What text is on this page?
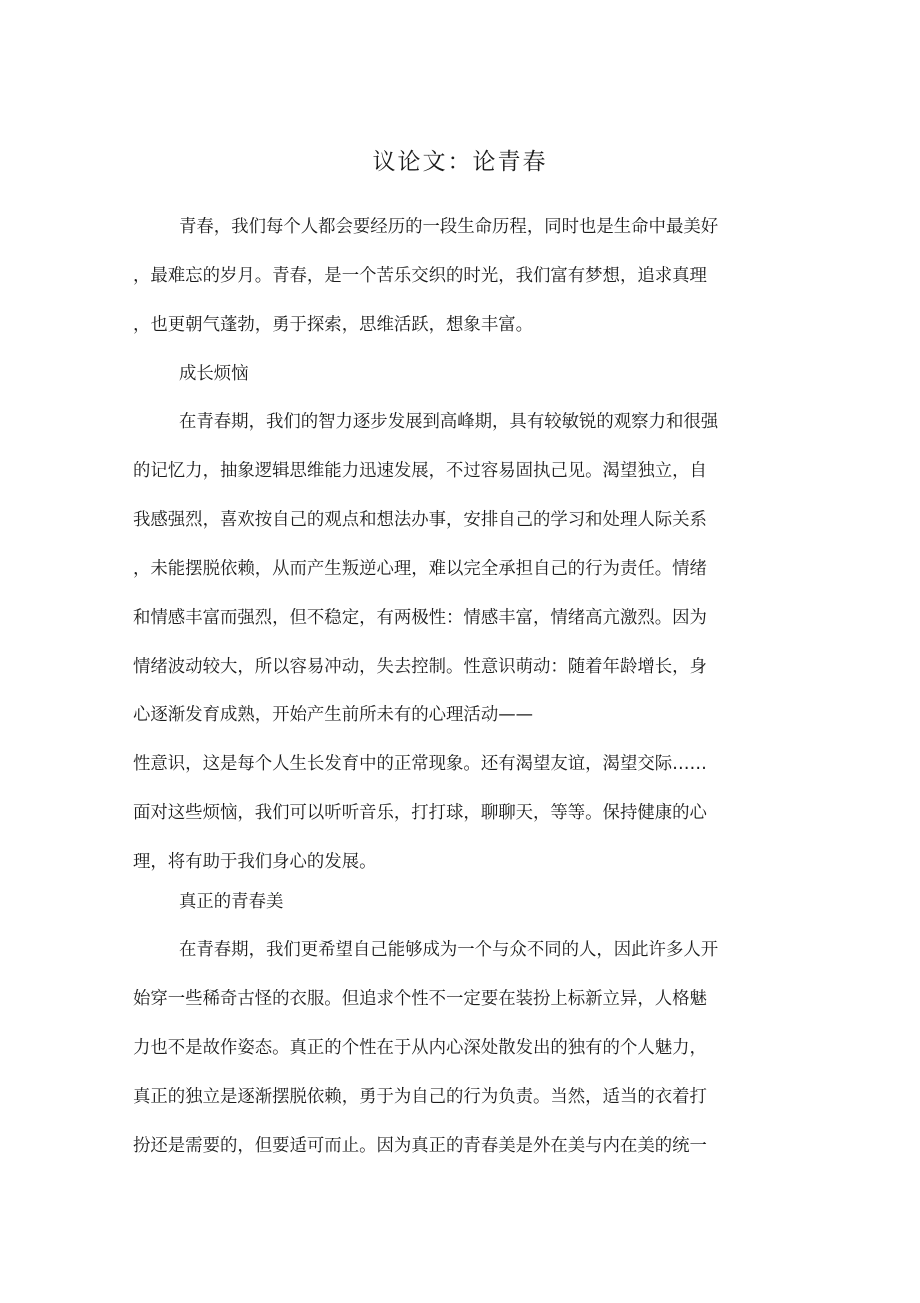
议论文：论青春
青春，我们每个人都会要经历的一段生命历程，同时也是生命中最美好
，最难忘的岁月。青春，是一个苦乐交织的时光，我们富有梦想，追求真理
，也更朝气蓬勃，勇于探索，思维活跃，想象丰富。
成长烦恼
在青春期，我们的智力逐步发展到高峰期，具有较敏锐的观察力和很强
的记忆力，抽象逻辑思维能力迅速发展，不过容易固执己见。渴望独立，自
我感强烈，喜欢按自己的观点和想法办事，安排自己的学习和处理人际关系
，未能摆脱依赖，从而产生叛逆心理，难以完全承担自己的行为责任。情绪
和情感丰富而强烈，但不稳定，有两极性：情感丰富，情绪高亢激烈。因为
情绪波动较大，所以容易冲动，失去控制。性意识萌动：随着年龄增长，身
心逐渐发育成熟，开始产生前所未有的心理活动——
性意识，这是每个人生长发育中的正常现象。还有渴望友谊，渴望交际……
面对这些烦恼，我们可以听听音乐，打打球，聊聊天，等等。保持健康的心
理，将有助于我们身心的发展。
真正的青春美
在青春期，我们更希望自己能够成为一个与众不同的人，因此许多人开
始穿一些稀奇古怪的衣服。但追求个性不一定要在装扮上标新立异，人格魅
力也不是故作姿态。真正的个性在于从内心深处散发出的独有的个人魅力，
真正的独立是逐渐摆脱依赖，勇于为自己的行为负责。当然，适当的衣着打
扮还是需要的，但要适可而止。因为真正的青春美是外在美与内在美的统一
